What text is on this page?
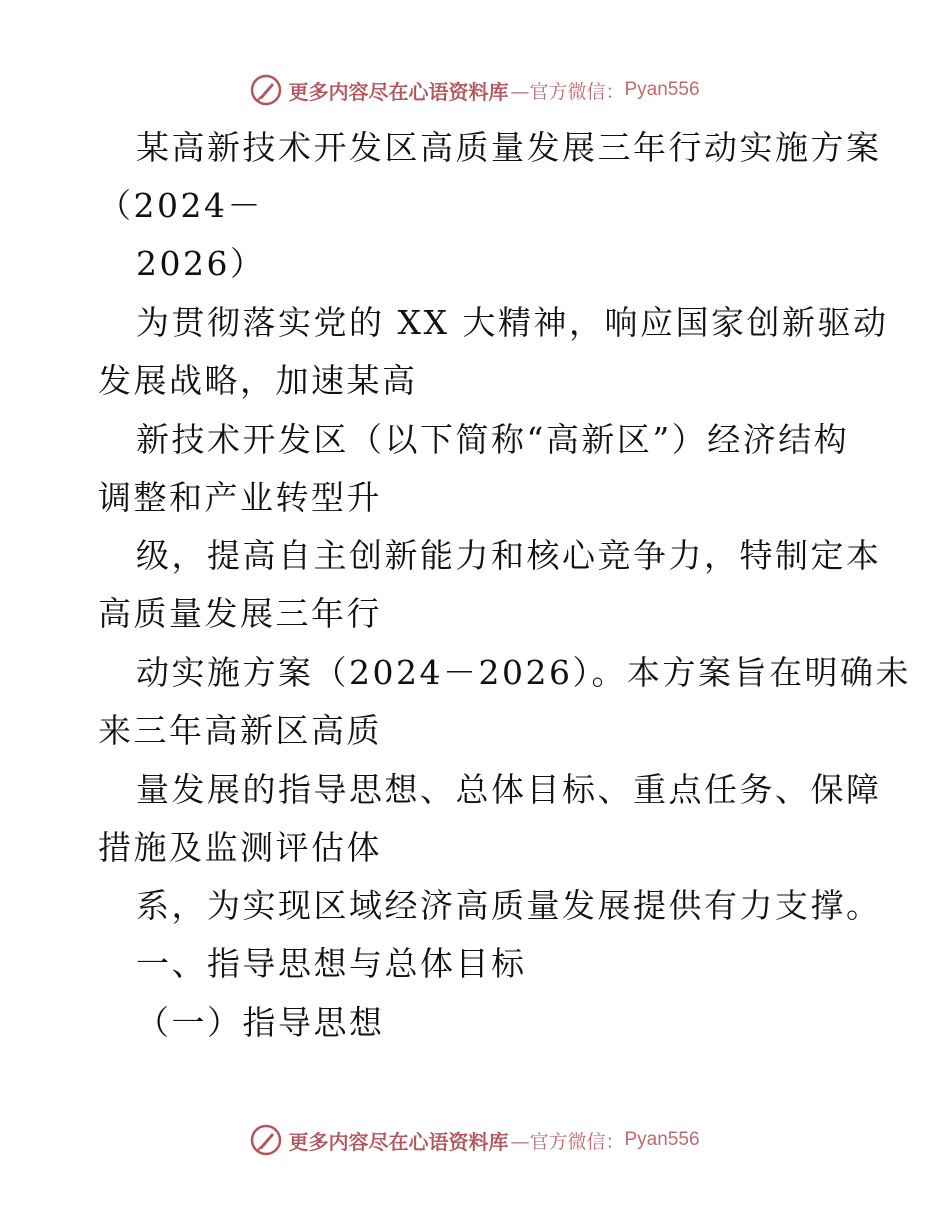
更多内容尽在心语资料库 —官方微信： Pyan556
某高新技术开发区高质量发展三年行动实施方案
（2024－
2026）
为贯彻落实党的 XX 大精神，响应国家创新驱动
发展战略，加速某高
新技术开发区（以下简称“高新区”）经济结构
调整和产业转型升
级，提高自主创新能力和核心竞争力，特制定本
高质量发展三年行
动实施方案（2024－2026）。本方案旨在明确未
来三年高新区高质
量发展的指导思想、总体目标、重点任务、保障
措施及监测评估体
系，为实现区域经济高质量发展提供有力支撑。
一、指导思想与总体目标
（一）指导思想
更多内容尽在心语资料库 —官方微信： Pyan556
